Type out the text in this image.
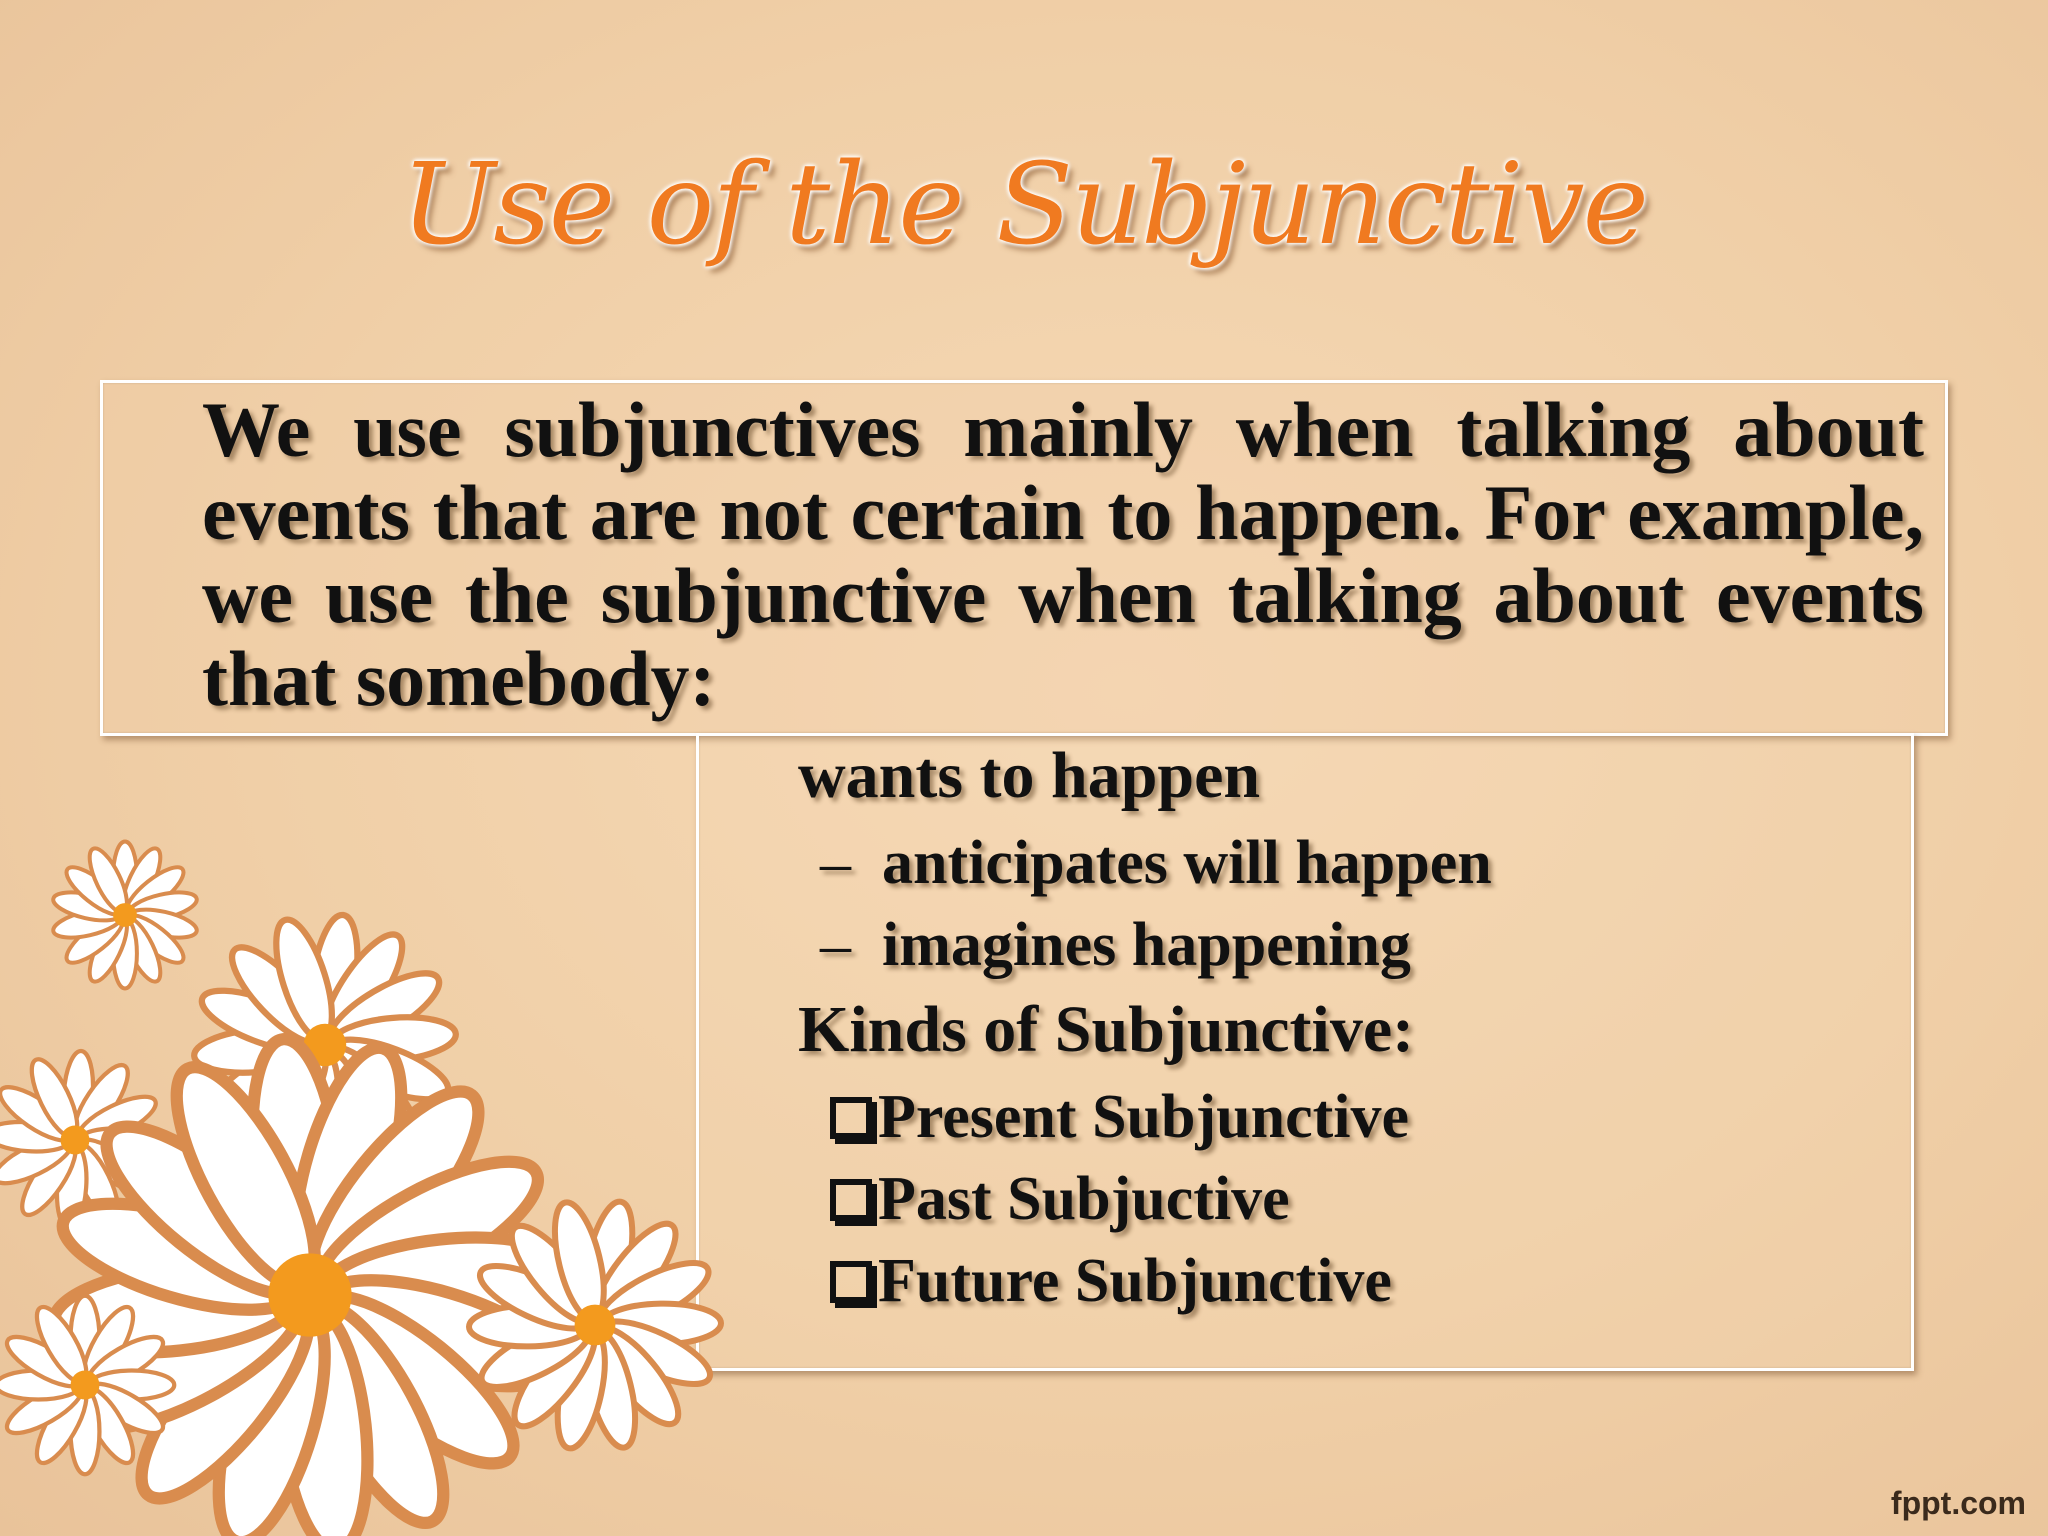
Use of the Subjunctive
We use subjunctives mainly when talking about events that are not certain to happen. For example, we use the subjunctive when talking about events that somebody:
wants to happen
– anticipates will happen
– imagines happening
Kinds of Subjunctive:
Present Subjunctive
Past Subjuctive
Future Subjunctive
fppt.com
